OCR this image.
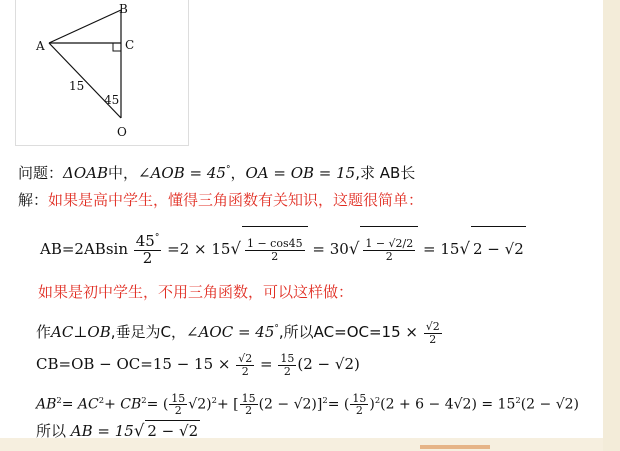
B
A	C
O
15
45
问题：ΔOAB中，∠AOB = 45°，OA = OB = 15,求 AB长
解：如果是高中学生，懂得三角函数有关知识，这题很简单：
$AB=2ABsin \frac{45^\circ}{2} =2 \times 15√ \frac{1 - \cos 45}{2} = 30√ \frac{1 - √2/2}{2} = 15√$ 2 − √2
如果是初中学生，不用三角函数，可以这样做：
作AC⊥OB,垂足为C，∠AOC = 45°,所以$AC=OC=15 \times \frac{√2}{2}$
$CB=OB - OC=15 - 15 \times \frac{√2}{2} = \frac{15}{2} (2 - √2)$
$AB^2= AC^2+ CB^2=$ ( $\frac{15}{2} √2)^2+$ [ $\frac{15}{2} (2 - √2)]^2=$ ( $\frac{15}{2} )^2(2 + 6 - 4√2) = 15^2(2 - √2)$
所以 AB = 15√ 2 − √2
